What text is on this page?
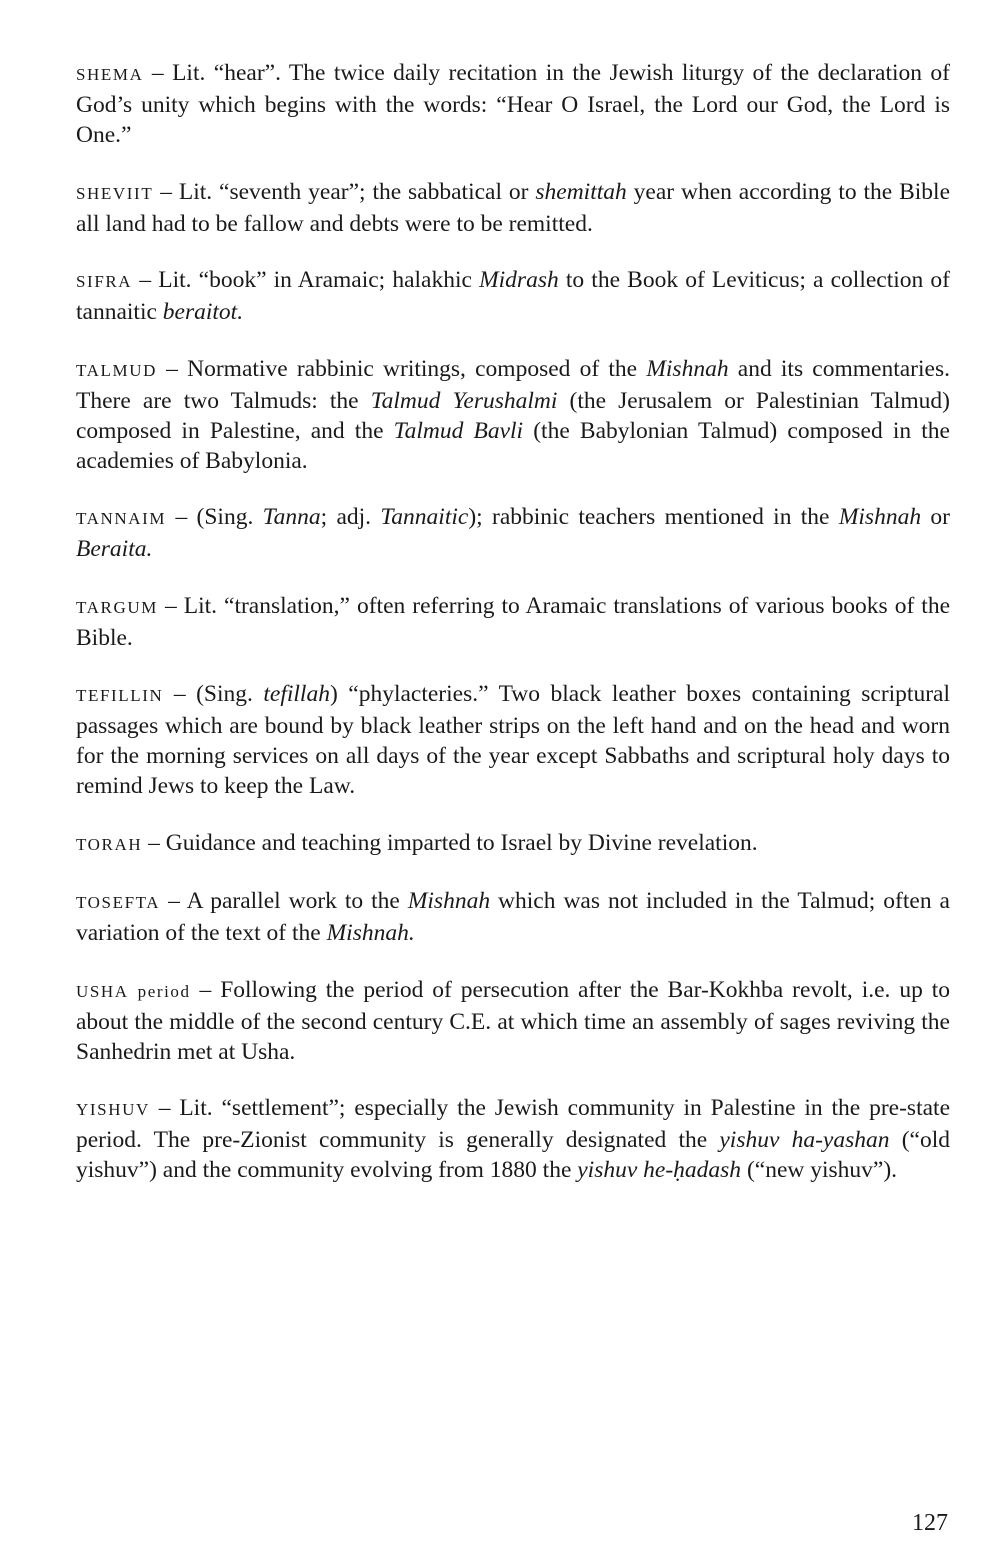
SHEMA – Lit. “hear”. The twice daily recitation in the Jewish liturgy of the declaration of God’s unity which begins with the words: “Hear O Israel, the Lord our God, the Lord is One.”

SHEVIIT – Lit. “seventh year”; the sabbatical or shemittah year when according to the Bible all land had to be fallow and debts were to be remitted.

SIFRA – Lit. “book” in Aramaic; halakhic Midrash to the Book of Leviticus; a collection of tannaitic beraitot.

TALMUD – Normative rabbinic writings, composed of the Mishnah and its commentaries. There are two Talmuds: the Talmud Yerushalmi (the Jerusalem or Palestinian Talmud) composed in Palestine, and the Talmud Bavli (the Babylonian Talmud) composed in the academies of Babylonia.

TANNAIM – (Sing. Tanna; adj. Tannaitic); rabbinic teachers mentioned in the Mishnah or Beraita.

TARGUM – Lit. “translation,” often referring to Aramaic translations of various books of the Bible.

TEFILLIN – (Sing. tefillah) “phylacteries.” Two black leather boxes containing scriptural passages which are bound by black leather strips on the left hand and on the head and worn for the morning services on all days of the year except Sabbaths and scriptural holy days to remind Jews to keep the Law.

TORAH – Guidance and teaching imparted to Israel by Divine revelation.

TOSEFTA – A parallel work to the Mishnah which was not included in the Talmud; often a variation of the text of the Mishnah.

USHA period – Following the period of persecution after the Bar-Kokhba revolt, i.e. up to about the middle of the second century C.E. at which time an assembly of sages reviving the Sanhedrin met at Usha.

YISHUV – Lit. “settlement”; especially the Jewish community in Palestine in the pre-state period. The pre-Zionist community is generally designated the yishuv ha-yashan (“old yishuv”) and the community evolving from 1880 the yishuv he-ḥadash (“new yishuv”).

127
